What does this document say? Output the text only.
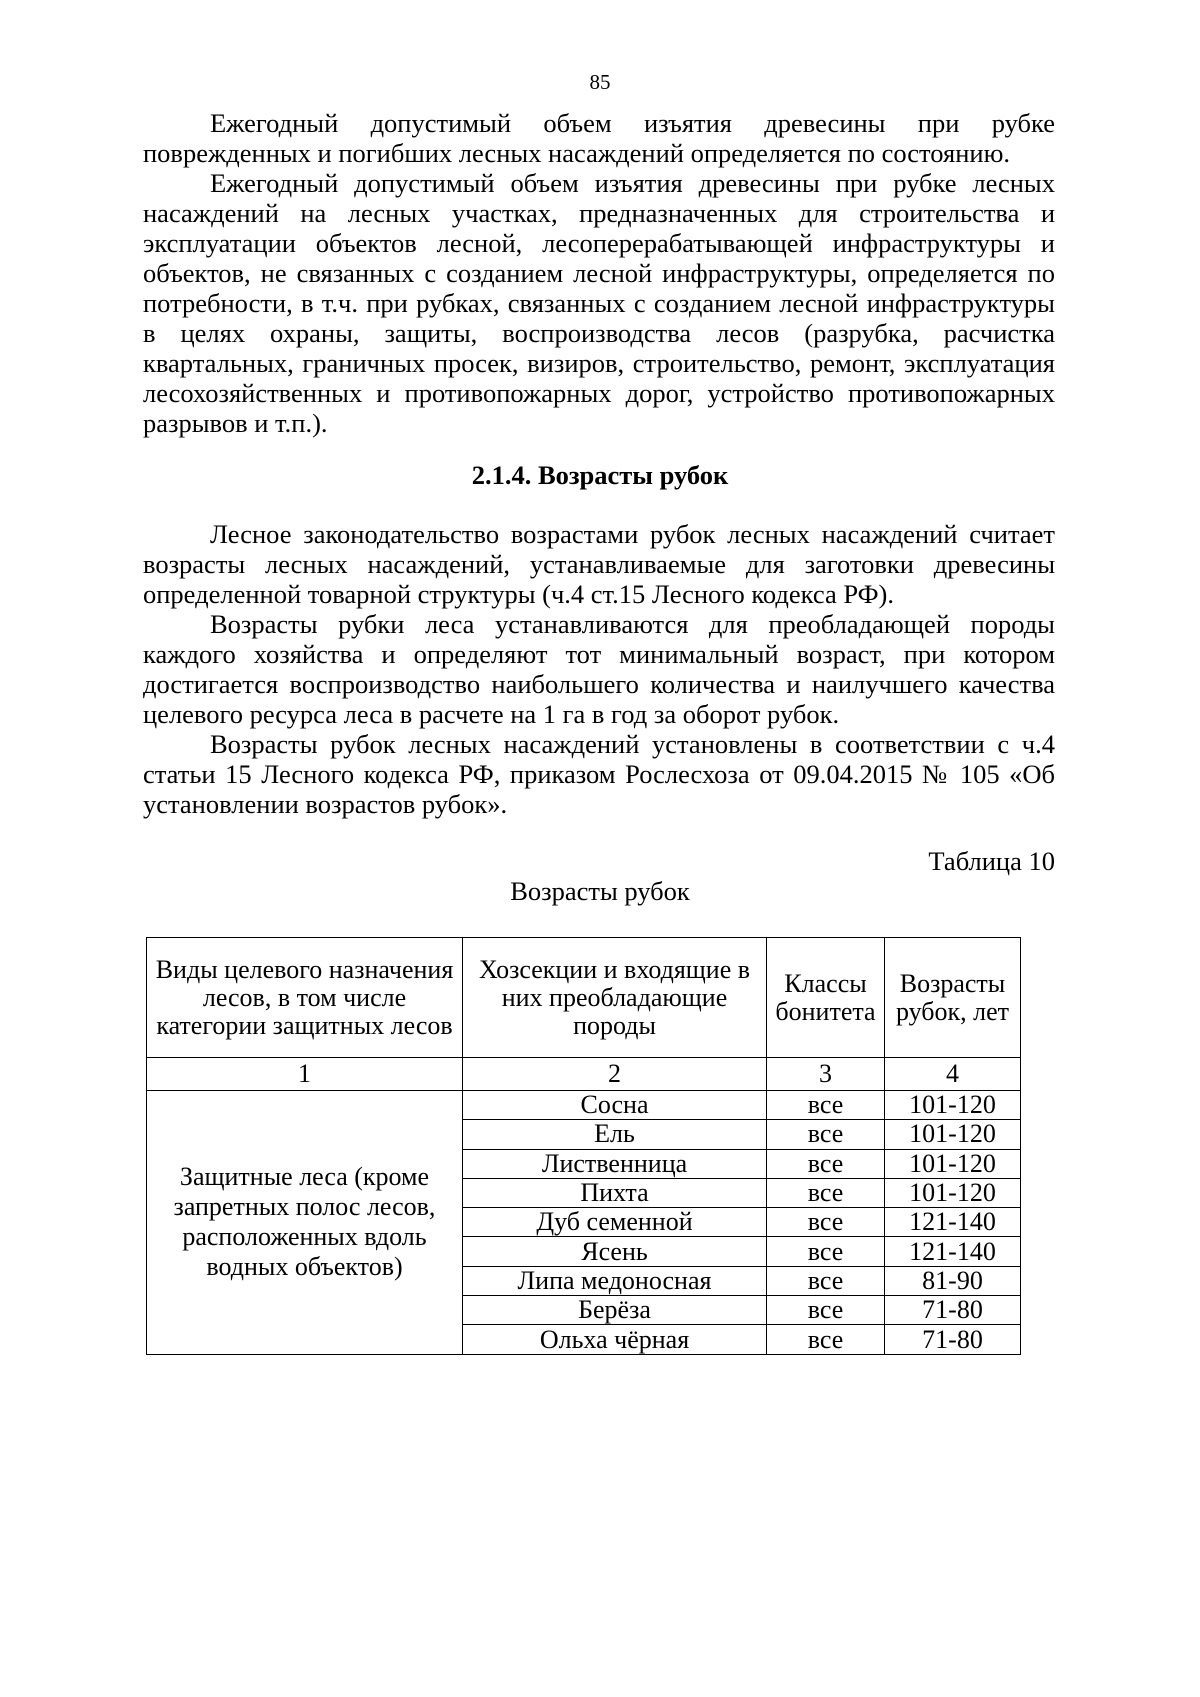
85

Ежегодный допустимый объем изъятия древесины при рубке поврежденных и погибших лесных насаждений определяется по состоянию.

Ежегодный допустимый объем изъятия древесины при рубке лесных насаждений на лесных участках, предназначенных для строительства и эксплуатации объектов лесной, лесоперерабатывающей инфраструктуры и объектов, не связанных с созданием лесной инфраструктуры, определяется по потребности, в т.ч. при рубках, связанных с созданием лесной инфраструктуры в целях охраны, защиты, воспроизводства лесов (разрубка, расчистка квартальных, граничных просек, визиров, строительство, ремонт, эксплуатация лесохозяйственных и противопожарных дорог, устройство противопожарных разрывов и т.п.).

2.1.4. Возрасты рубок

Лесное законодательство возрастами рубок лесных насаждений считает возрасты лесных насаждений, устанавливаемые для заготовки древесины определенной товарной структуры (ч.4 ст.15 Лесного кодекса РФ).

Возрасты рубки леса устанавливаются для преобладающей породы каждого хозяйства и определяют тот минимальный возраст, при котором достигается воспроизводство наибольшего количества и наилучшего качества целевого ресурса леса в расчете на 1 га в год за оборот рубок.

Возрасты рубок лесных насаждений установлены в соответствии с ч.4 статьи 15 Лесного кодекса РФ, приказом Рослесхоза от 09.04.2015 № 105 «Об установлении возрастов рубок».

Таблица 10
Возрасты рубок
Виды целевого назначения лесов, в том числе категории защитных лесов	Хозсекции и входящие в них преобладающие породы	Классы бонитета	Возрасты рубок, лет
1	2	3	4
Защитные леса (кроме запретных полос лесов, расположенных вдоль водных объектов)	Сосна	все	101-120
	Ель	все	101-120
	Лиственница	все	101-120
	Пихта	все	101-120
	Дуб семенной	все	121-140
	Ясень	все	121-140
	Липа медоносная	все	81-90
	Берёза	все	71-80
	Ольха чёрная	все	71-80
